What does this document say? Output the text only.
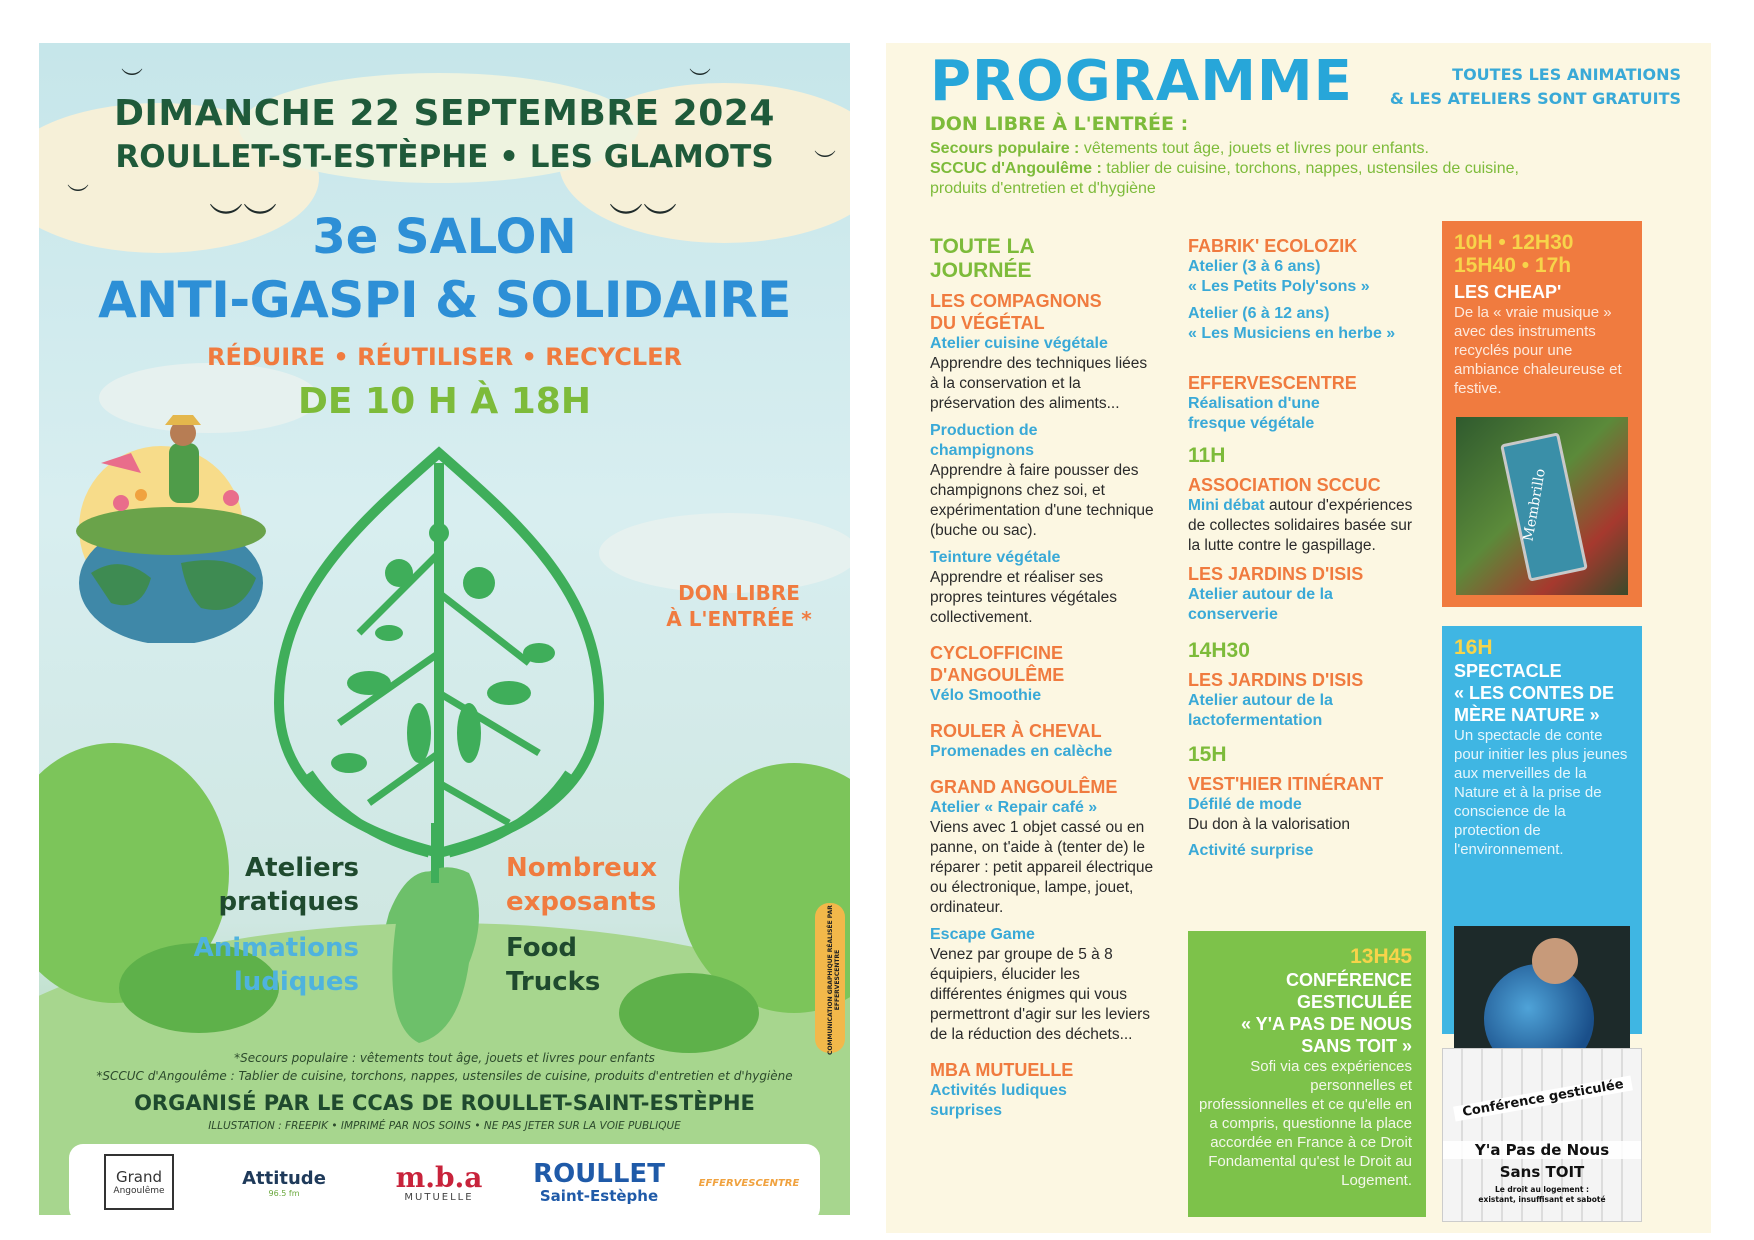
︶	︶
︶
︶
︶︶	︶︶
DIMANCHE 22 SEPTEMBRE 2024
ROULLET-ST-ESTÈPHE • LES GLAMOTS
3e SALON
ANTI-GASPI & SOLIDAIRE
RÉDUIRE • RÉUTILISER • RECYCLER
DE 10 H À 18H
DON LIBRE
À L'ENTRÉE *
Ateliers
pratiques
Animations
ludiques
Nombreux
exposants
Food
Trucks	COMMUNICATION GRAPHIQUE RÉALISÉE PAR EFFERVESCENTRE
*Secours populaire : vêtements tout âge, jouets et livres pour enfants
*SCCUC d'Angoulême : Tablier de cuisine, torchons, nappes, ustensiles de cuisine, produits d'entretien et d'hygiène
ORGANISÉ PAR LE CCAS DE ROULLET-SAINT-ESTÈPHE
ILLUSTATION : FREEPIK • IMPRIMÉ PAR NOS SOINS • NE PAS JETER SUR LA VOIE PUBLIQUE
Grand
Angoulême
Attitude
96.5 fm	m.b.a
MUTUELLE
ROULLET
Saint-Estèphe
EFFERVESCENTRE
PROGRAMME	TOUTES LES ANIMATIONS
& LES ATELIERS SONT GRATUITS
DON LIBRE À L'ENTRÉE :
Secours populaire : vêtements tout âge, jouets et livres pour enfants.
SCCUC d'Angoulême : tablier de cuisine, torchons, nappes, ustensiles de cuisine,
produits d'entretien et d'hygiène
TOUTE LA JOURNÉE
LES COMPAGNONS DU VÉGÉTAL
Atelier cuisine végétale
Apprendre des techniques liées à la conservation et la préservation des aliments...
Production de champignons
Apprendre à faire pousser des champignons chez soi, et expérimentation d'une technique (buche ou sac).
Teinture végétale
Apprendre et réaliser ses propres teintures végétales collectivement.
CYCLOFFICINE D'ANGOULÊME
Vélo Smoothie
ROULER À CHEVAL
Promenades en calèche
GRAND ANGOULÊME
Atelier « Repair café »
Viens avec 1 objet cassé ou en panne, on t'aide à (tenter de) le réparer : petit appareil électrique ou électronique, lampe, jouet, ordinateur.
Escape Game
Venez par groupe de 5 à 8 équipiers, élucider les différentes énigmes qui vous permettront d'agir sur les leviers de la réduction des déchets...
MBA MUTUELLE
Activités ludiques surprises
FABRIK' ECOLOZIK
Atelier (3 à 6 ans)
« Les Petits Poly'sons »
Atelier (6 à 12 ans)
« Les Musiciens en herbe »
EFFERVESCENTRE
Réalisation d'une fresque végétale
11H
ASSOCIATION SCCUC
Mini débat autour d'expériences de collectes solidaires basée sur la lutte contre le gaspillage.
LES JARDINS D'ISIS
Atelier autour de la conserverie
14H30
LES JARDINS D'ISIS
Atelier autour de la lactofermentation
15H
VEST'HIER ITINÉRANT
Défilé de mode
Du don à la valorisation
Activité surprise
13H45
CONFÉRENCE
GESTICULÉE
« Y'A PAS DE NOUS
SANS TOIT »
Sofi via ces expériences personnelles et professionnelles et ce qu'elle en a compris, questionne la place accordée en France à ce Droit Fondamental qu'est le Droit au Logement.
10H • 12H30
15H40 • 17h
LES CHEAP'
De la « vraie musique » avec des instruments recyclés pour une ambiance chaleureuse et festive.
Membrillo
16H
SPECTACLE
« LES CONTES DE
MÈRE NATURE »
Un spectacle de conte pour initier les plus jeunes aux merveilles de la Nature et à la prise de conscience de la protection de l'environnement.
Conférence gesticulée
Y'a Pas de Nous
Sans TOIT
Le droit au logement :
existant, insuffisant et saboté
